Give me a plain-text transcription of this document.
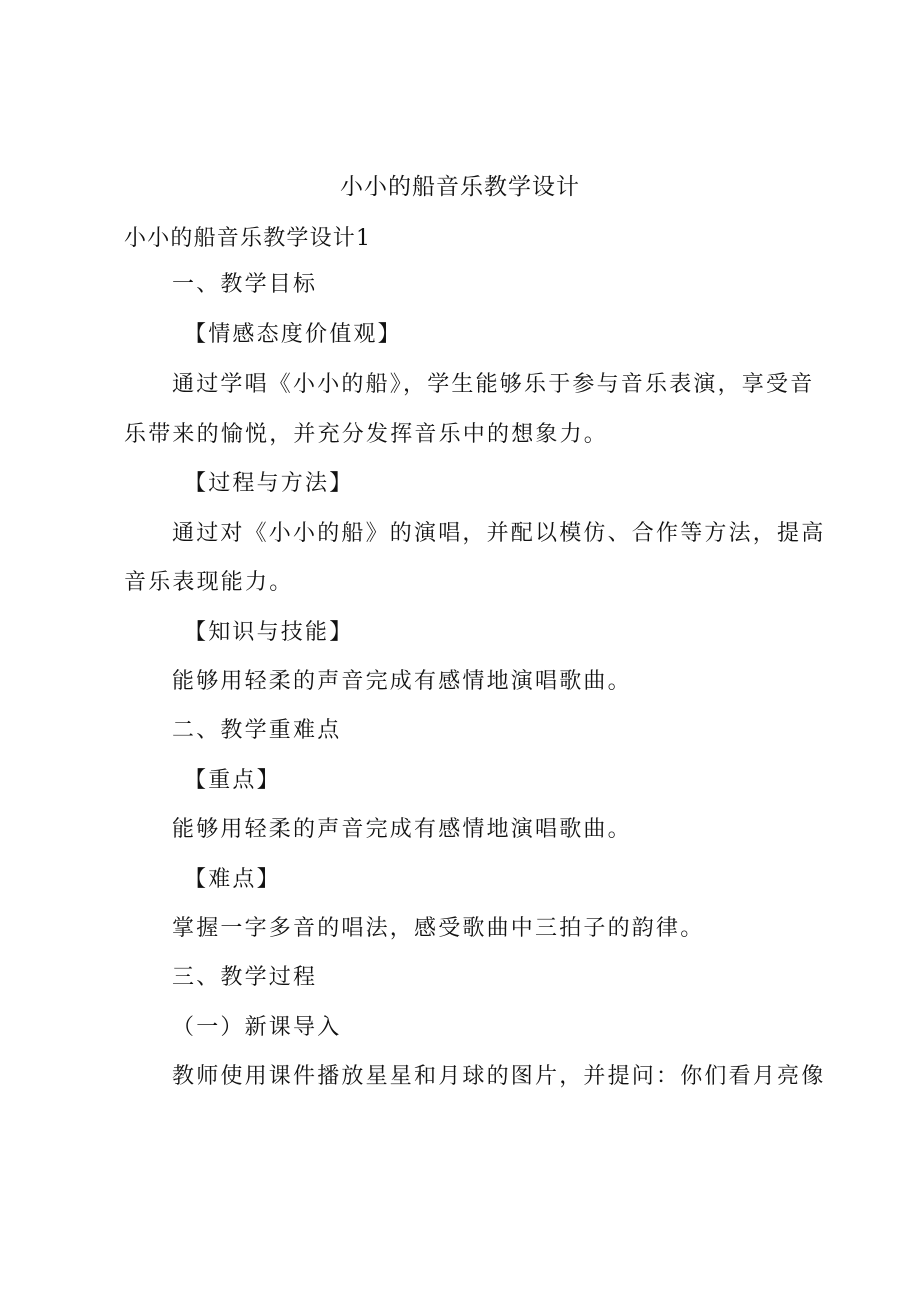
小小的船音乐教学设计
小小的船音乐教学设计1
一、教学目标
【情感态度价值观】
通过学唱《小小的船》，学生能够乐于参与音乐表演，享受音
乐带来的愉悦，并充分发挥音乐中的想象力。
【过程与方法】
通过对《小小的船》的演唱，并配以模仿、合作等方法，提高
音乐表现能力。
【知识与技能】
能够用轻柔的声音完成有感情地演唱歌曲。
二、教学重难点
【重点】
能够用轻柔的声音完成有感情地演唱歌曲。
【难点】
掌握一字多音的唱法，感受歌曲中三拍子的韵律。
三、教学过程
（一）新课导入
教师使用课件播放星星和月球的图片，并提问：你们看月亮像
